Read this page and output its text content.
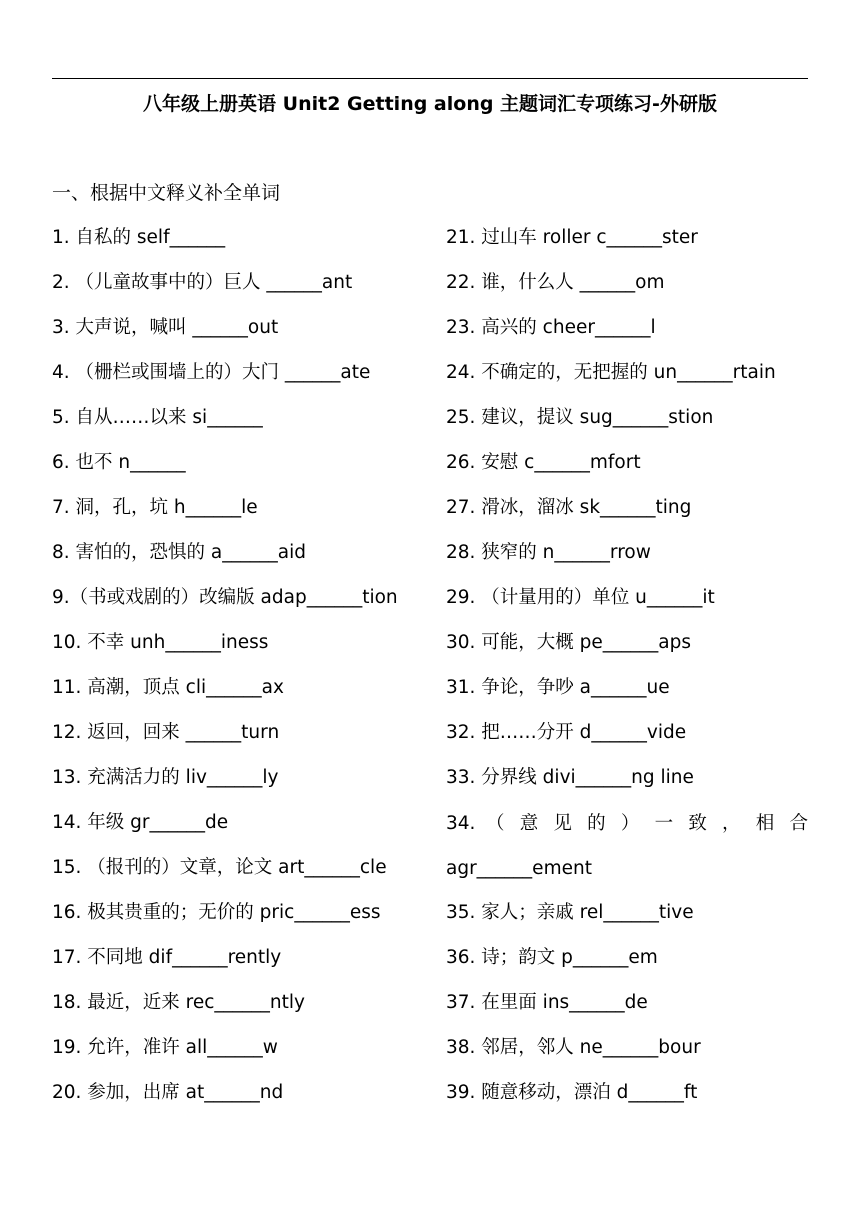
八年级上册英语 Unit2 Getting along 主题词汇专项练习-外研版
一、根据中文释义补全单词
1. 自私的 self______
2. （儿童故事中的）巨人 ______ant
3. 大声说，喊叫 ______out
4. （栅栏或围墙上的）大门 ______ate
5. 自从……以来 si______
6. 也不 n______
7. 洞，孔，坑 h______le
8. 害怕的，恐惧的 a______aid
9.（书或戏剧的）改编版 adap______tion
10. 不幸 unh______iness
11. 高潮，顶点 cli______ax
12. 返回，回来 ______turn
13. 充满活力的 liv______ly
14. 年级 gr______de
15. （报刊的）文章，论文 art______cle
16. 极其贵重的；无价的 pric______ess
17. 不同地 dif______rently
18. 最近，近来 rec______ntly
19. 允许，准许 all______w
20. 参加，出席 at______nd
21. 过山车 roller c______ster
22. 谁，什么人 ______om
23. 高兴的 cheer______l
24. 不确定的，无把握的 un______rtain
25. 建议，提议 sug______stion
26. 安慰 c______mfort
27. 滑冰，溜冰 sk______ting
28. 狭窄的 n______rrow
29. （计量用的）单位 u______it
30. 可能，大概 pe______aps
31. 争论，争吵 a______ue
32. 把……分开 d______vide
33. 分界线 divi______ng line
34. （ 意 见 的 ） 一 致 ， 相 合
agr______ement
35. 家人；亲戚 rel______tive
36. 诗；韵文 p______em
37. 在里面 ins______de
38. 邻居，邻人 ne______bour
39. 随意移动，漂泊 d______ft
